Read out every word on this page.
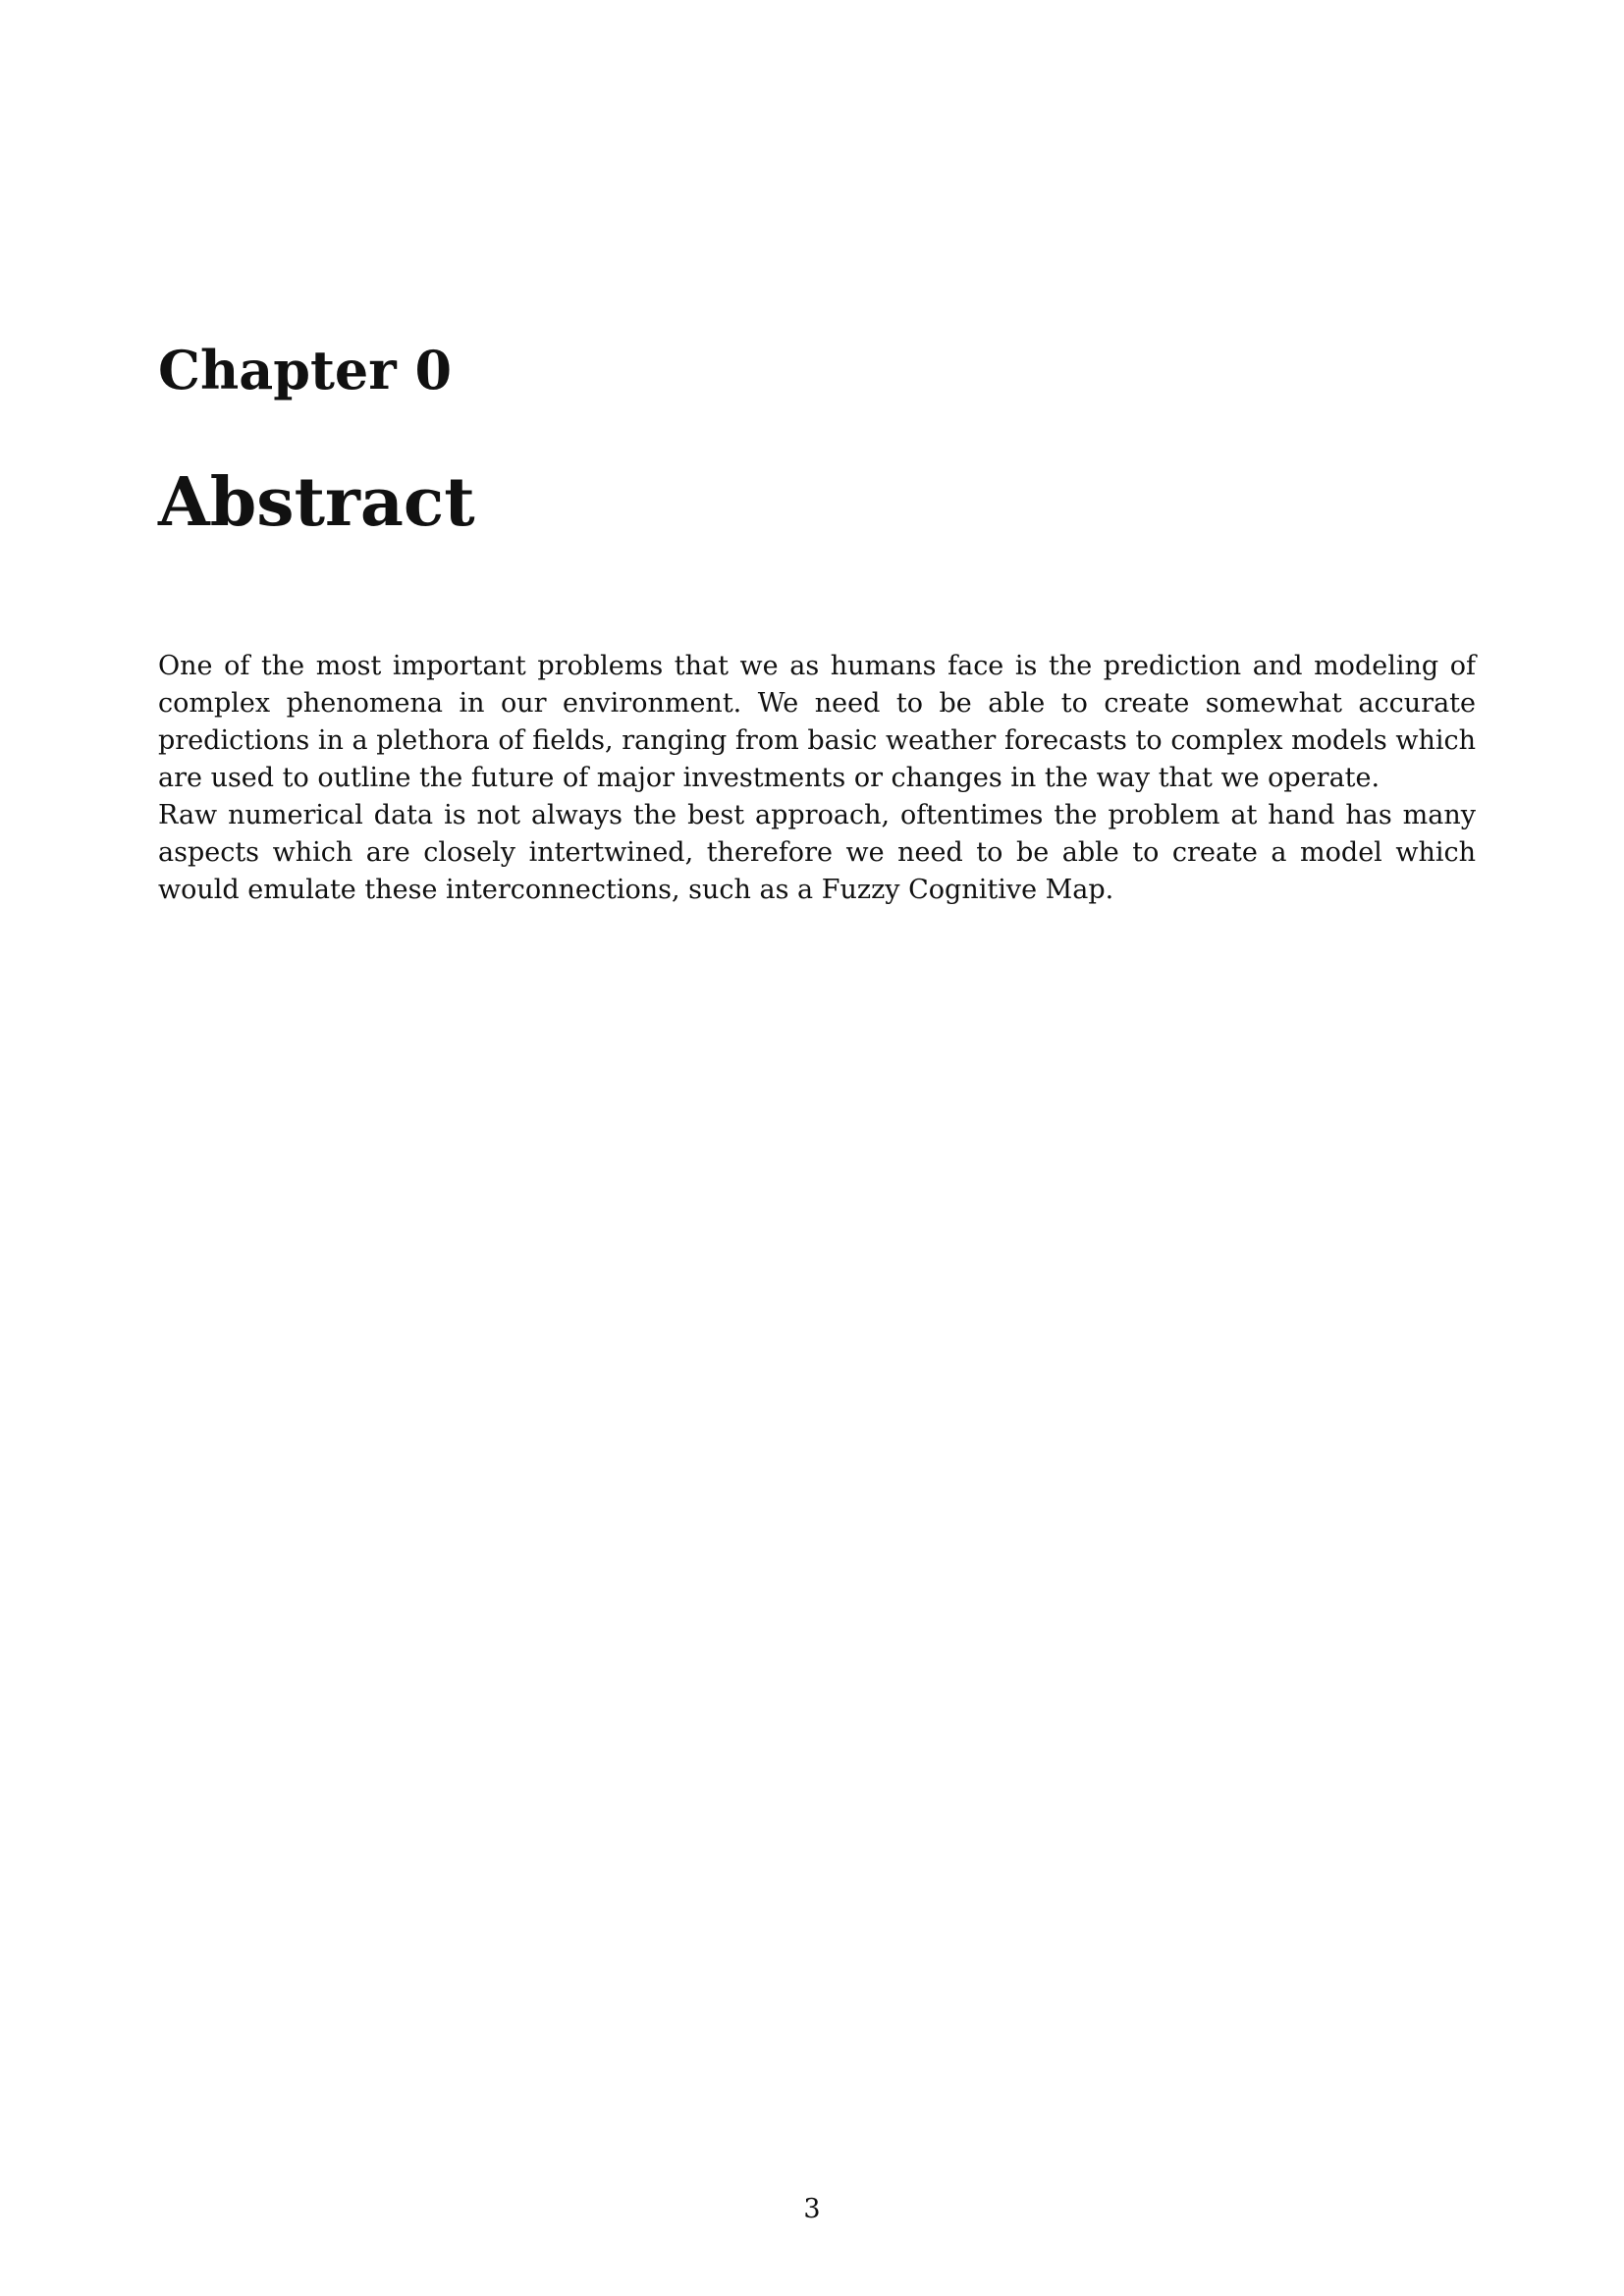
Chapter 0
Abstract

One of the most important problems that we as humans face is the prediction and modeling of complex phenomena in our environment. We need to be able to create somewhat accurate predictions in a plethora of fields, ranging from basic weather forecasts to complex models which are used to outline the future of major investments or changes in the way that we operate.

Raw numerical data is not always the best approach, oftentimes the problem at hand has many aspects which are closely intertwined, therefore we need to be able to create a model which would emulate these interconnections, such as a Fuzzy Cognitive Map.

3
